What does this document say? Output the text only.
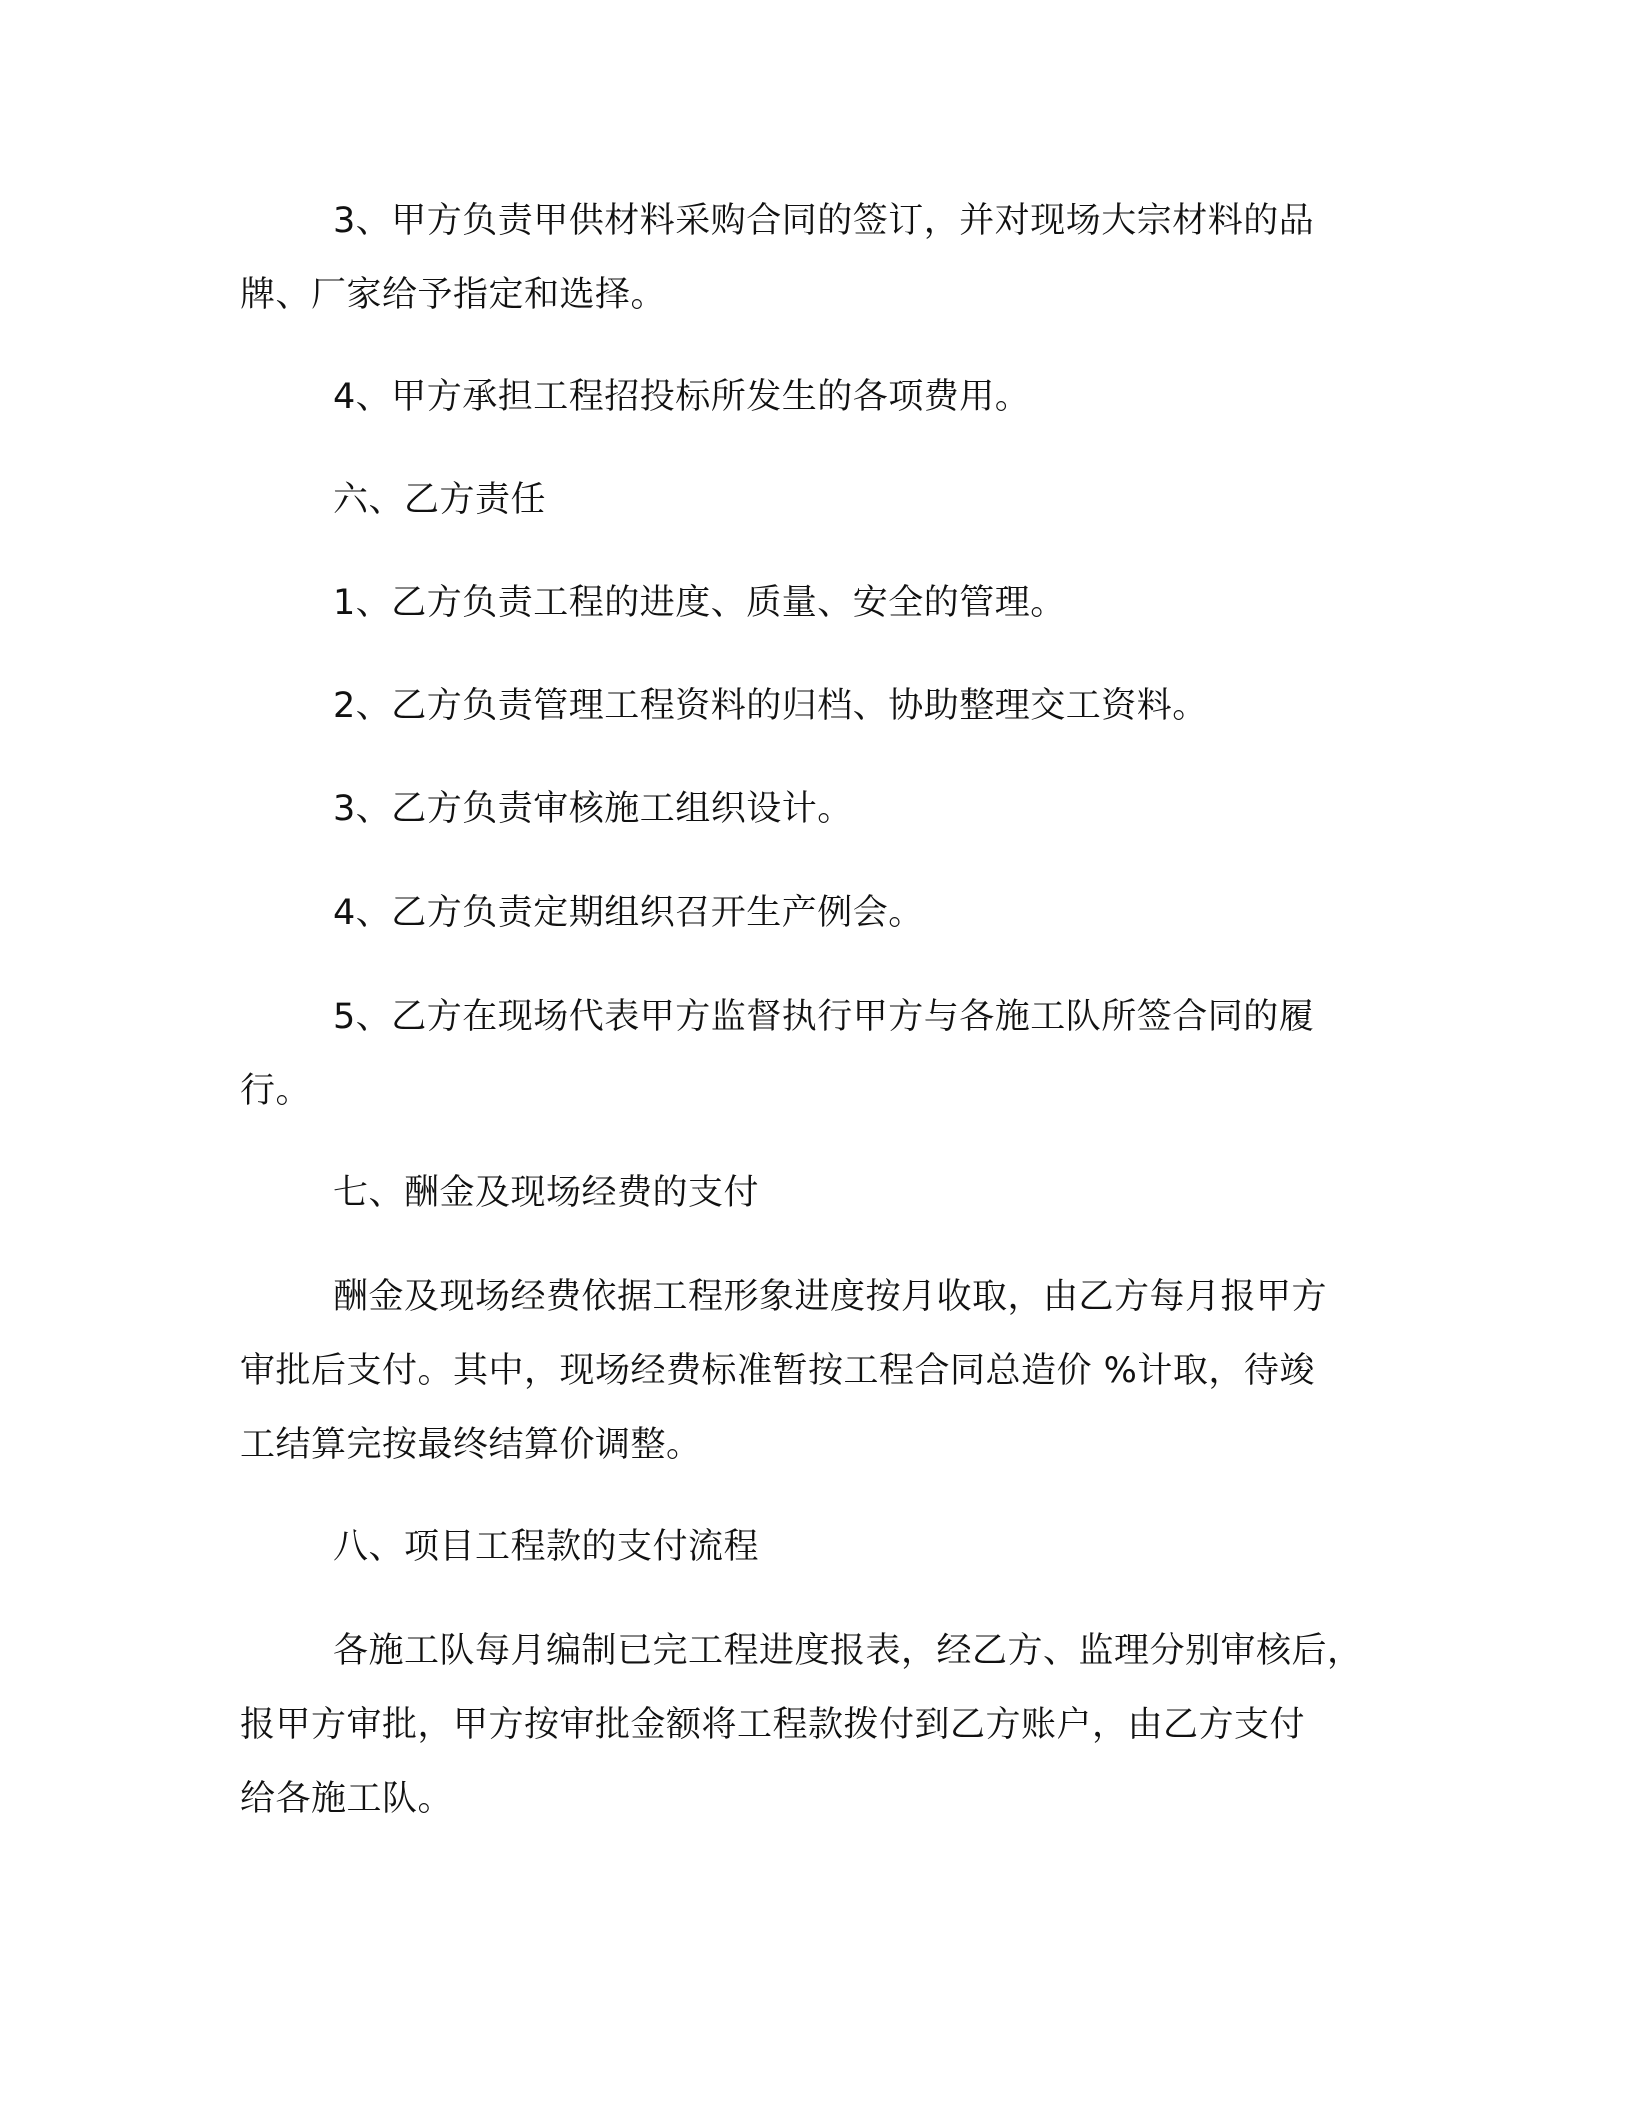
3、甲方负责甲供材料采购合同的签订，并对现场大宗材料的品
牌、厂家给予指定和选择。
4、甲方承担工程招投标所发生的各项费用。
六、乙方责任
1、乙方负责工程的进度、质量、安全的管理。
2、乙方负责管理工程资料的归档、协助整理交工资料。
3、乙方负责审核施工组织设计。
4、乙方负责定期组织召开生产例会。
5、乙方在现场代表甲方监督执行甲方与各施工队所签合同的履
行。
七、酬金及现场经费的支付
酬金及现场经费依据工程形象进度按月收取，由乙方每月报甲方
审批后支付。其中，现场经费标准暂按工程合同总造价 %计取，待竣
工结算完按最终结算价调整。
八、项目工程款的支付流程
各施工队每月编制已完工程进度报表，经乙方、监理分别审核后，
报甲方审批，甲方按审批金额将工程款拨付到乙方账户，由乙方支付
给各施工队。
